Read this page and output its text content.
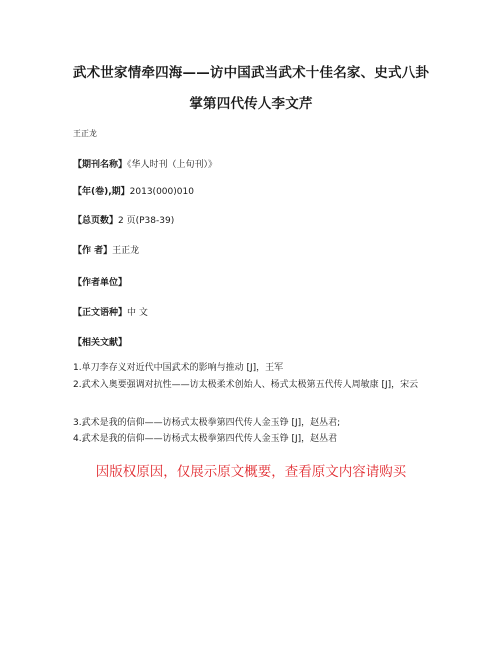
武术世家情牵四海——访中国武当武术十佳名家、史式八卦
掌第四代传人李文芹
王正龙
【期刊名称】《华人时刊（上旬刊）》
【年(卷),期】2013(000)010
【总页数】2 页(P38-39)
【作 者】王正龙
【作者单位】
【正文语种】中 文
【相关文献】
1.单刀李存义对近代中国武术的影响与推动 [J]，王军
2.武术入奥要强调对抗性——访太极柔术创始人、杨式太极第五代传人周敏康 [J]，宋云
3.武术是我的信仰——访杨式太极拳第四代传人金玉铮 [J]，赵丛君;
4.武术是我的信仰——访杨式太极拳第四代传人金玉铮 [J]，赵丛君
因版权原因，仅展示原文概要，查看原文内容请购买
